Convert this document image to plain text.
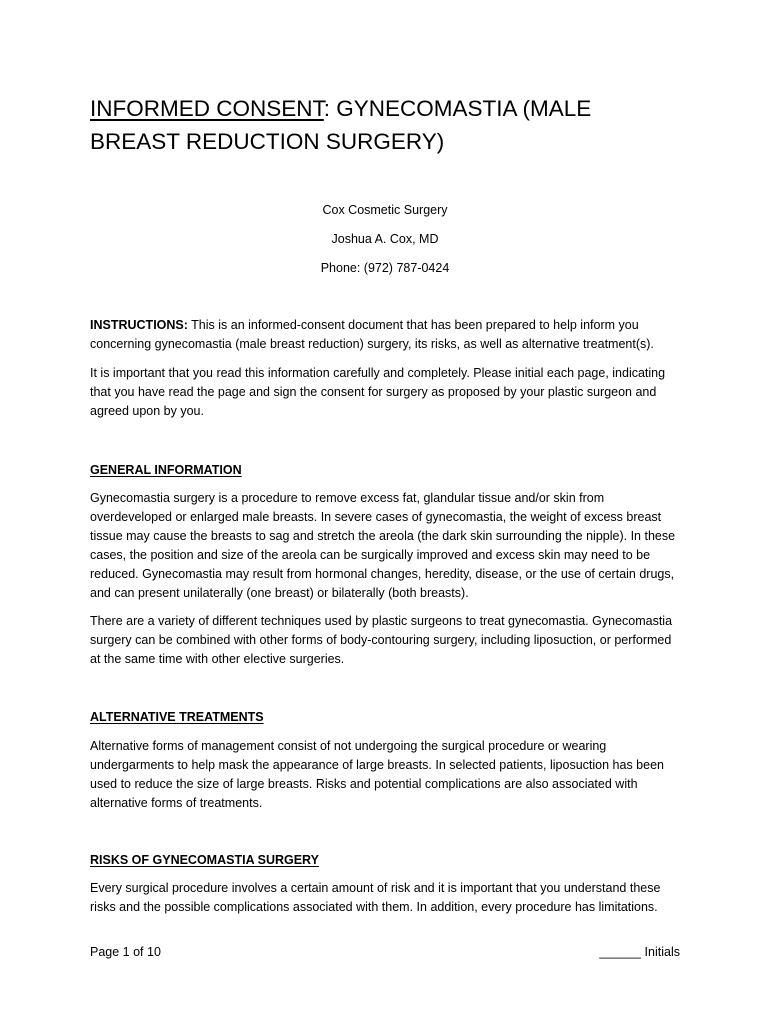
INFORMED CONSENT: GYNECOMASTIA (MALE BREAST REDUCTION SURGERY)
Cox Cosmetic Surgery
Joshua A. Cox, MD
Phone: (972) 787-0424

INSTRUCTIONS: This is an informed-consent document that has been prepared to help inform you concerning gynecomastia (male breast reduction) surgery, its risks, as well as alternative treatment(s).

It is important that you read this information carefully and completely. Please initial each page, indicating that you have read the page and sign the consent for surgery as proposed by your plastic surgeon and agreed upon by you.

GENERAL INFORMATION

Gynecomastia surgery is a procedure to remove excess fat, glandular tissue and/or skin from overdeveloped or enlarged male breasts. In severe cases of gynecomastia, the weight of excess breast tissue may cause the breasts to sag and stretch the areola (the dark skin surrounding the nipple). In these cases, the position and size of the areola can be surgically improved and excess skin may need to be reduced. Gynecomastia may result from hormonal changes, heredity, disease, or the use of certain drugs, and can present unilaterally (one breast) or bilaterally (both breasts).

There are a variety of different techniques used by plastic surgeons to treat gynecomastia. Gynecomastia surgery can be combined with other forms of body-contouring surgery, including liposuction, or performed at the same time with other elective surgeries.

ALTERNATIVE TREATMENTS

Alternative forms of management consist of not undergoing the surgical procedure or wearing undergarments to help mask the appearance of large breasts. In selected patients, liposuction has been used to reduce the size of large breasts. Risks and potential complications are also associated with alternative forms of treatments.

RISKS OF GYNECOMASTIA SURGERY

Every surgical procedure involves a certain amount of risk and it is important that you understand these risks and the possible complications associated with them. In addition, every procedure has limitations.

Page 1 of 10	______ Initials
